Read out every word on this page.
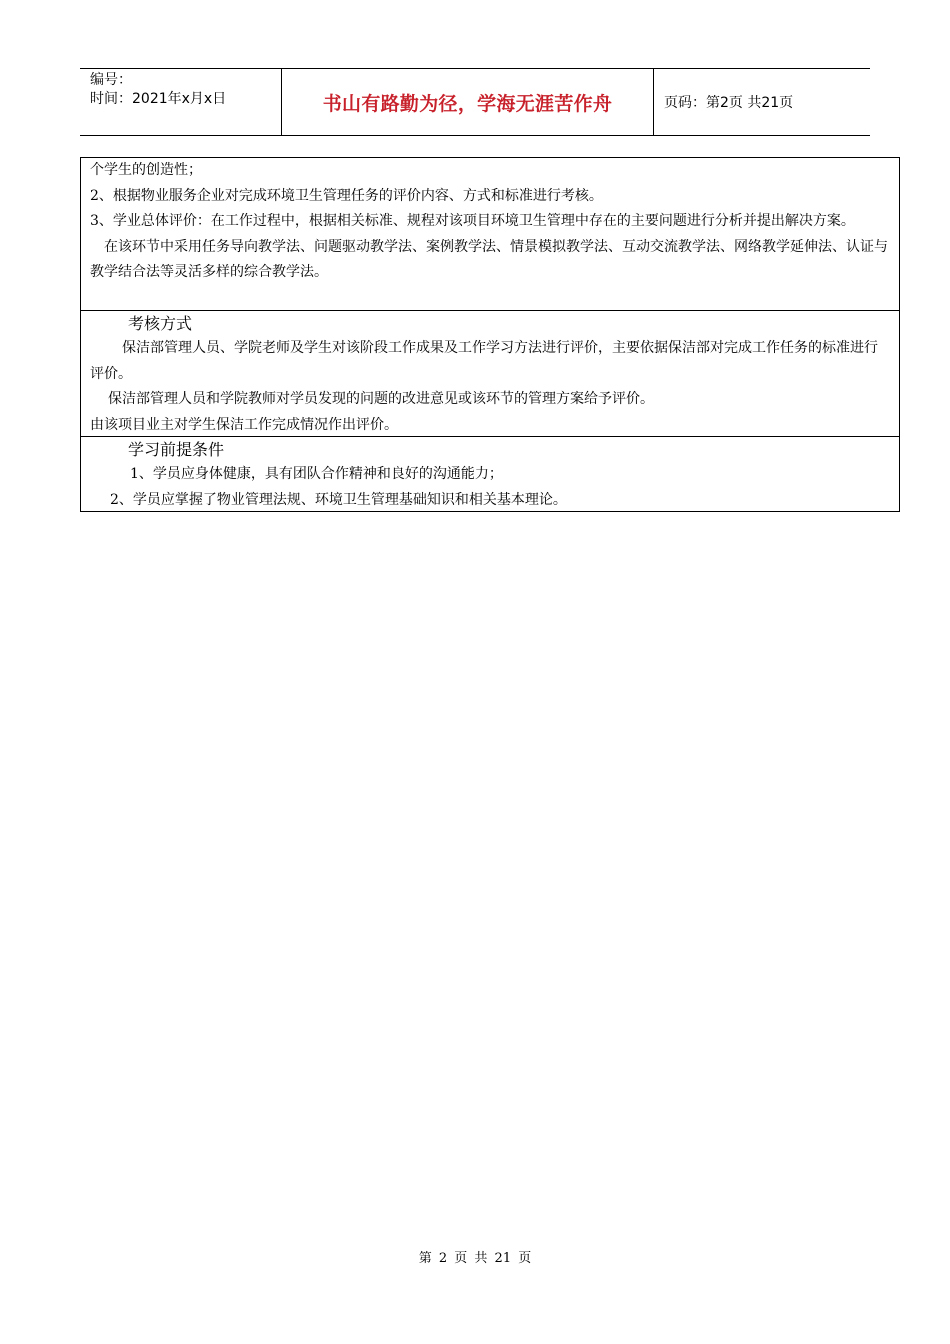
编号：
时间：2021年x月x日	书山有路勤为径，学海无涯苦作舟	页码：第2页 共21页

个学生的创造性；

2、根据物业服务企业对完成环境卫生管理任务的评价内容、方式和标准进行考核。

3、学业总体评价：在工作过程中，根据相关标准、规程对该项目环境卫生管理中存在的主要问题进行分析并提出解决方案。

在该环节中采用任务导向教学法、问题驱动教学法、案例教学法、情景模拟教学法、互动交流教学法、网络教学延伸法、认证与教学结合法等灵活多样的综合教学法。

考核方式

保洁部管理人员、学院老师及学生对该阶段工作成果及工作学习方法进行评价，主要依据保洁部对完成工作任务的标准进行评价。

保洁部管理人员和学院教师对学员发现的问题的改进意见或该环节的管理方案给予评价。

由该项目业主对学生保洁工作完成情况作出评价。

学习前提条件

1、学员应身体健康，具有团队合作精神和良好的沟通能力；

2、学员应掌握了物业管理法规、环境卫生管理基础知识和相关基本理论。

第 2 页 共 21 页
